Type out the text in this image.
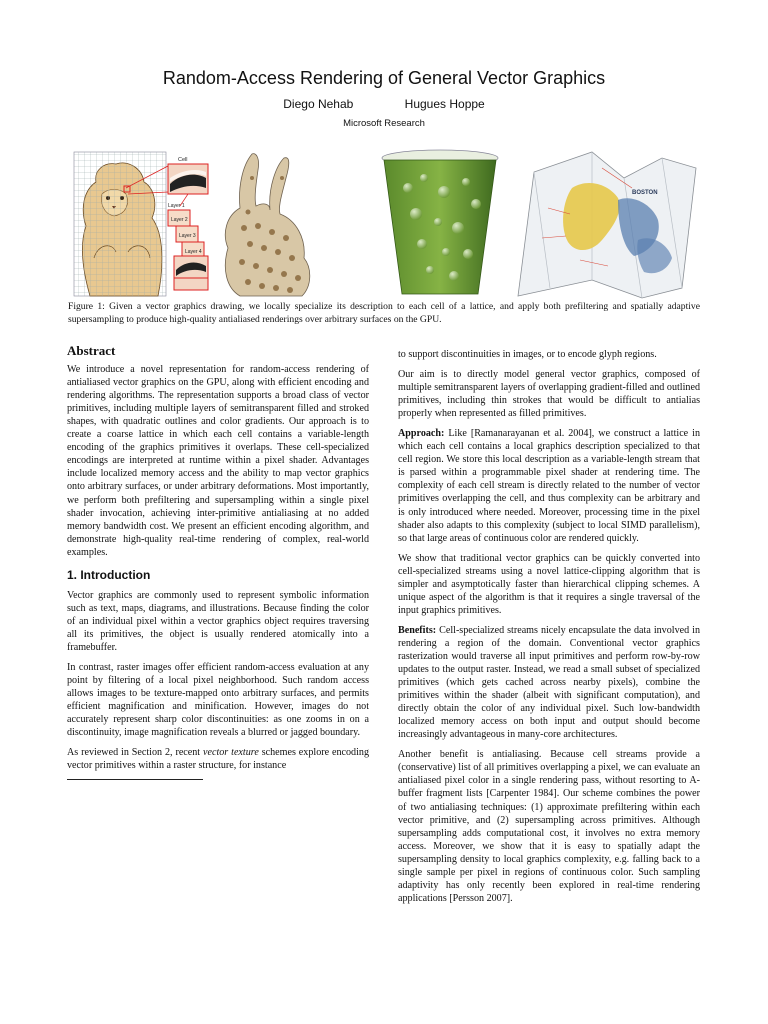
Random-Access Rendering of General Vector Graphics
Diego Nehab	Hugues Hoppe
Microsoft Research
Cell
Layer 1
Layer 2
Layer 3
Layer 4
BOSTON

Figure 1: Given a vector graphics drawing, we locally specialize its description to each cell of a lattice, and apply both prefiltering and spatially adaptive supersampling to produce high-quality antialiased renderings over arbitrary surfaces on the GPU.

Abstract

We introduce a novel representation for random-access rendering of antialiased vector graphics on the GPU, along with efficient encoding and rendering algorithms. The representation supports a broad class of vector primitives, including multiple layers of semitransparent filled and stroked shapes, with quadratic outlines and color gradients. Our approach is to create a coarse lattice in which each cell contains a variable-length encoding of the graphics primitives it overlaps. These cell-specialized encodings are interpreted at runtime within a pixel shader. Advantages include localized memory access and the ability to map vector graphics onto arbitrary surfaces, or under arbitrary deformations. Most importantly, we perform both prefiltering and supersampling within a single pixel shader invocation, achieving inter-primitive antialiasing at no added memory bandwidth cost. We present an efficient encoding algorithm, and demonstrate high-quality real-time rendering of complex, real-world examples.

1. Introduction

Vector graphics are commonly used to represent symbolic information such as text, maps, diagrams, and illustrations. Because finding the color of an individual pixel within a vector graphics object requires traversing all its primitives, the object is usually rendered atomically into a framebuffer.

In contrast, raster images offer efficient random-access evaluation at any point by filtering of a local pixel neighborhood. Such random access allows images to be texture-mapped onto arbitrary surfaces, and permits efficient magnification and minification. However, images do not accurately represent sharp color discontinuities: as one zooms in on a discontinuity, image magnification reveals a blurred or jagged boundary.

As reviewed in Section 2, recent vector texture schemes explore encoding vector primitives within a raster structure, for instance

to support discontinuities in images, or to encode glyph regions.

Our aim is to directly model general vector graphics, composed of multiple semitransparent layers of overlapping gradient-filled and outlined primitives, including thin strokes that would be difficult to antialias properly when represented as filled primitives.

Approach: Like [Ramanarayanan et al. 2004], we construct a lattice in which each cell contains a local graphics description specialized to that cell region. We store this local description as a variable-length stream that is parsed within a programmable pixel shader at rendering time. The complexity of each cell stream is directly related to the number of vector primitives overlapping the cell, and thus complexity can be arbitrary and is only introduced where needed. Moreover, processing time in the pixel shader also adapts to this complexity (subject to local SIMD parallelism), so that large areas of continuous color are rendered quickly.

We show that traditional vector graphics can be quickly converted into cell-specialized streams using a novel lattice-clipping algorithm that is simpler and asymptotically faster than hierarchical clipping schemes. A unique aspect of the algorithm is that it requires a single traversal of the input graphics primitives.

Benefits: Cell-specialized streams nicely encapsulate the data involved in rendering a region of the domain. Conventional vector graphics rasterization would traverse all input primitives and perform row-by-row updates to the output raster. Instead, we read a small subset of specialized primitives (which gets cached across nearby pixels), combine the primitives within the shader (albeit with significant computation), and directly obtain the color of any individual pixel. Such low-bandwidth localized memory access on both input and output should become increasingly advantageous in many-core architectures.

Another benefit is antialiasing. Because cell streams provide a (conservative) list of all primitives overlapping a pixel, we can evaluate an antialiased pixel color in a single rendering pass, without resorting to A-buffer fragment lists [Carpenter 1984]. Our scheme combines the power of two antialiasing techniques: (1) approximate prefiltering within each vector primitive, and (2) supersampling across primitives. Although supersampling adds computational cost, it involves no extra memory access. Moreover, we show that it is easy to spatially adapt the supersampling density to local graphics complexity, e.g. falling back to a single sample per pixel in regions of continuous color. Such sampling adaptivity has only recently been explored in real-time rendering applications [Persson 2007].
